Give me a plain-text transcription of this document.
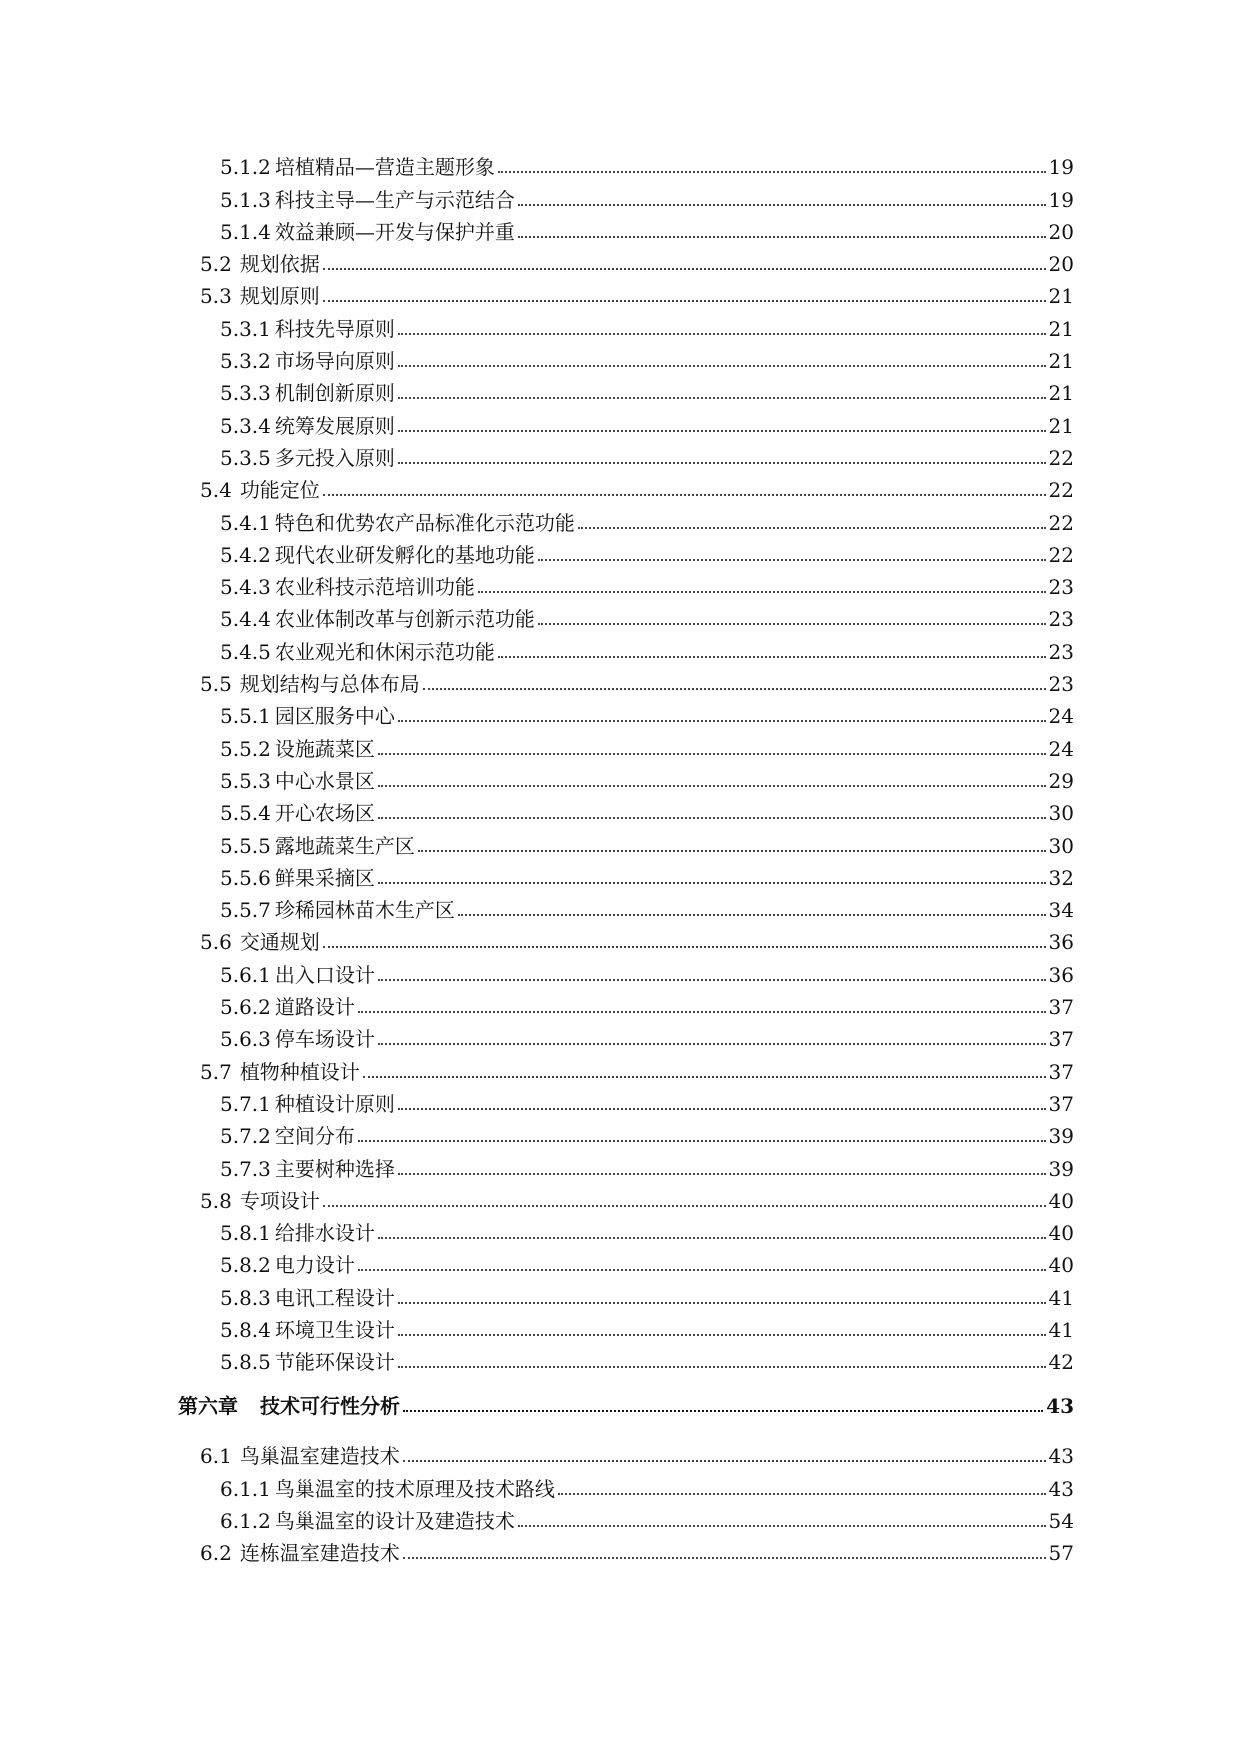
5.1.2 培植精品—营造主题形象	19
5.1.3 科技主导—生产与示范结合	19
5.1.4 效益兼顾—开发与保护并重	20
5.2 规划依据	20
5.3 规划原则	21
5.3.1 科技先导原则	21
5.3.2 市场导向原则	21
5.3.3 机制创新原则	21
5.3.4 统筹发展原则	21
5.3.5 多元投入原则	22
5.4 功能定位	22
5.4.1 特色和优势农产品标准化示范功能	22
5.4.2 现代农业研发孵化的基地功能	22
5.4.3 农业科技示范培训功能	23
5.4.4 农业体制改革与创新示范功能	23
5.4.5 农业观光和休闲示范功能	23
5.5 规划结构与总体布局	23
5.5.1 园区服务中心	24
5.5.2 设施蔬菜区	24
5.5.3 中心水景区	29
5.5.4 开心农场区	30
5.5.5 露地蔬菜生产区	30
5.5.6 鲜果采摘区	32
5.5.7 珍稀园林苗木生产区	34
5.6 交通规划	36
5.6.1 出入口设计	36
5.6.2 道路设计	37
5.6.3 停车场设计	37
5.7 植物种植设计	37
5.7.1 种植设计原则	37
5.7.2 空间分布	39
5.7.3 主要树种选择	39
5.8 专项设计	40
5.8.1 给排水设计	40
5.8.2 电力设计	40
5.8.3 电讯工程设计	41
5.8.4 环境卫生设计	41
5.8.5 节能环保设计	42
第六章 技术可行性分析	43
6.1 鸟巢温室建造技术	43
6.1.1 鸟巢温室的技术原理及技术路线	43
6.1.2 鸟巢温室的设计及建造技术	54
6.2 连栋温室建造技术	57
